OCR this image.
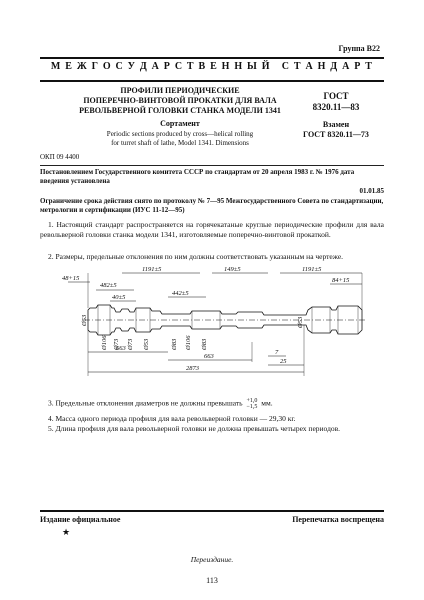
Группа В22
М Е Ж Г О С У Д А Р С Т В Е Н Н Ы Й   С Т А Н Д А Р Т
ПРОФИЛИ ПЕРИОДИЧЕСКИЕ
ПОПЕРЕЧНО-ВИНТОВОЙ ПРОКАТКИ ДЛЯ ВАЛА
РЕВОЛЬВЕРНОЙ ГОЛОВКИ СТАНКА МОДЕЛИ 1341
Сортамент
Periodic sections produced by cross—helical rolling
for turret shaft of lathe, Model 1341. Dimensions
ГОСТ
8320.11—83
Взамен
ГОСТ 8320.11—73
ОКП 09 4400
Постановлением Государственного комитета СССР по стандартам от 20 апреля 1983 г. № 1976 дата введения установлена
01.01.85
Ограничение срока действия снято по протоколу № 7—95 Межгосударственного Совета по стандартизации, метрологии и сертификации (ИУС 11-12—95)
1. Настоящий стандарт распространяется на горячекатаные круглые периодические профили для вала револьверной головки станка модели 1341, изготовляемые поперечно-винтовой прокаткой.
2. Размеры, предельные отклонения по ним должны соответствовать указанным на чертеже.
48+15
482±5
40±5
1191±5
442±5
149±5	1191±5
84+15
Ø53
Ø106 Ø73 Ø73 Ø53	Ø83 Ø106 Ø83
Ø53
663
663
7
2873
25
3. Предельные отклонения диаметров не должны превышать +1,0
−1,5 мм.
4. Масса одного периода профиля для вала револьверной головки — 29,30 кг.
5. Длина профиля для вала револьверной головки не должна превышать четырех периодов.
Издание официальное	Перепечатка воспрещена
★
Переиздание.
113
